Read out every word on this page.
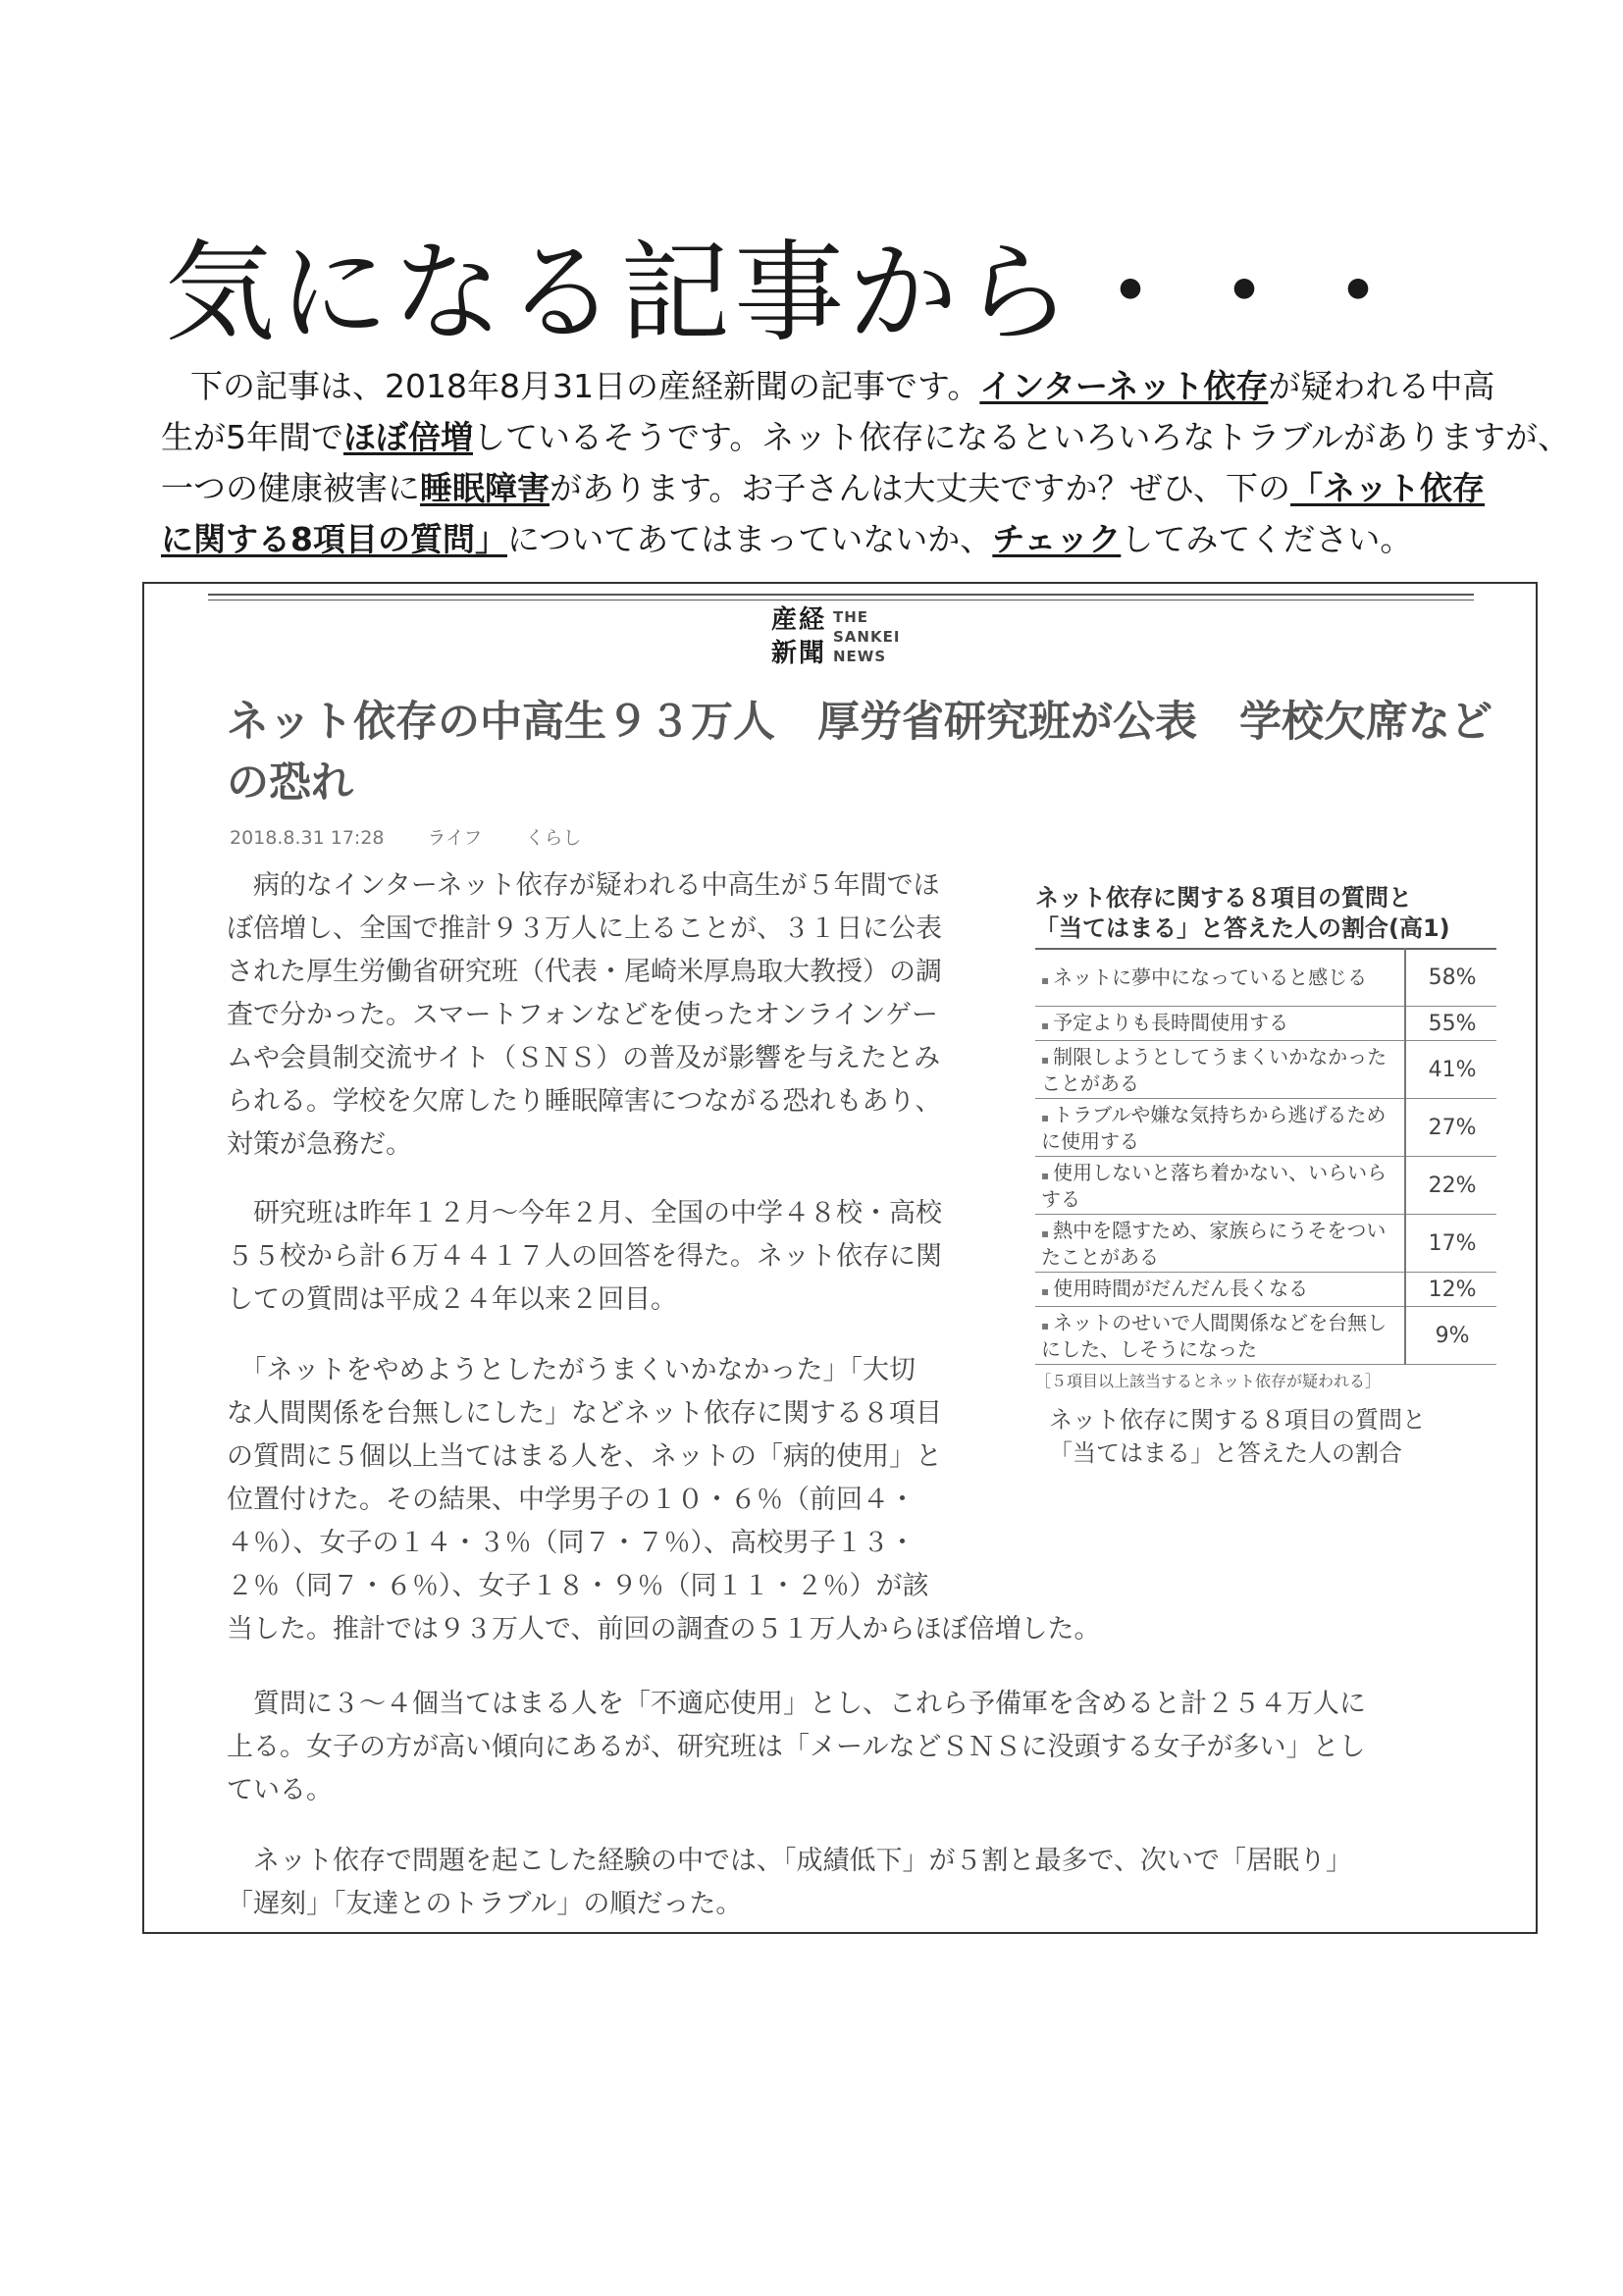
気になる記事から・・・

下の記事は、2018年8月31日の産経新聞の記事です。インターネット依存が疑われる中高

生が5年間でほぼ倍増しているそうです。ネット依存になるといろいろなトラブルがありますが、

一つの健康被害に睡眠障害があります。お子さんは大丈夫ですか？ぜひ、下の「ネット依存

に関する8項目の質問」についてあてはまっていないか、チェックしてみてください。

産 経
新 聞
THE
SANKEI
NEWS
ネット依存の中高生９３万人　厚労省研究班が公表　学校欠席などの恐れ
2018.8.31 17:28 ライフ くらし

　病的なインターネット依存が疑われる中高生が５年間でほ
ぼ倍増し、全国で推計９３万人に上ることが、３１日に公表
された厚生労働省研究班（代表・尾崎米厚鳥取大教授）の調
査で分かった。スマートフォンなどを使ったオンラインゲー
ムや会員制交流サイト（ＳＮＳ）の普及が影響を与えたとみ
られる。学校を欠席したり睡眠障害につながる恐れもあり、
対策が急務だ。

　研究班は昨年１２月～今年２月、全国の中学４８校・高校
５５校から計６万４４１７人の回答を得た。ネット依存に関
しての質問は平成２４年以来２回目。

　「ネットをやめようとしたがうまくいかなかった」「大切
な人間関係を台無しにした」などネット依存に関する８項目
の質問に５個以上当てはまる人を、ネットの「病的使用」と
位置付けた。その結果、中学男子の１０・６％（前回４・
４％）、女子の１４・３％（同７・７％）、高校男子１３・
２％（同７・６％）、女子１８・９％（同１１・２％）が該
当した。推計では９３万人で、前回の調査の５１万人からほぼ倍増した。

　質問に３～４個当てはまる人を「不適応使用」とし、これら予備軍を含めると計２５４万人に
上る。女子の方が高い傾向にあるが、研究班は「メールなどＳＮＳに没頭する女子が多い」とし
ている。

　ネット依存で問題を起こした経験の中では、「成績低下」が５割と最多で、次いで「居眠り」
「遅刻」「友達とのトラブル」の順だった。

ネット依存に関する８項目の質問と
「当てはまる」と答えた人の割合(高1)

▪ ネットに夢中になっていると感じる	58%
▪ 予定よりも長時間使用する	55%
▪ 制限しようとしてうまくいかなかったことがある	41%
▪ トラブルや嫌な気持ちから逃げるために使用する	27%
▪ 使用しないと落ち着かない、いらいらする	22%
▪ 熱中を隠すため、家族らにうそをついたことがある	17%
▪ 使用時間がだんだん長くなる	12%
▪ ネットのせいで人間関係などを台無しにした、しそうになった	9%

［５項目以上該当するとネット依存が疑われる］

ネット依存に関する８項目の質問と「当てはまる」と答えた人の割合
